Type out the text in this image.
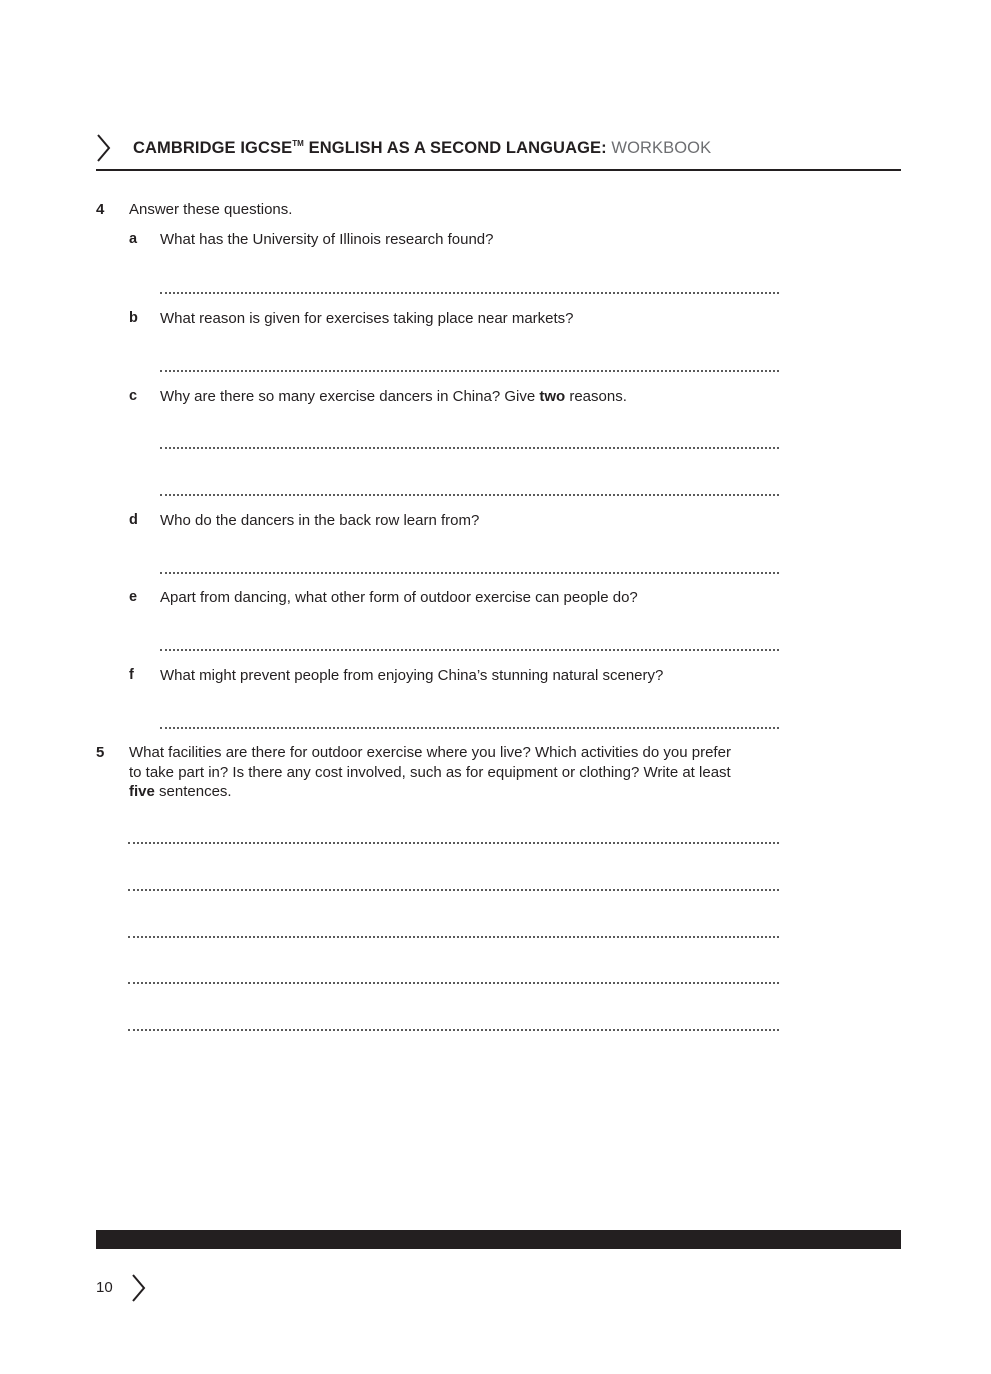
CAMBRIDGE IGCSE™ ENGLISH AS A SECOND LANGUAGE: WORKBOOK
4 Answer these questions.
a What has the University of Illinois research found?
b What reason is given for exercises taking place near markets?
c Why are there so many exercise dancers in China? Give two reasons.
d Who do the dancers in the back row learn from?
e Apart from dancing, what other form of outdoor exercise can people do?
f What might prevent people from enjoying China’s stunning natural scenery?
5 What facilities are there for outdoor exercise where you live? Which activities do you prefer
to take part in? Is there any cost involved, such as for equipment or clothing? Write at least
five sentences.
10
